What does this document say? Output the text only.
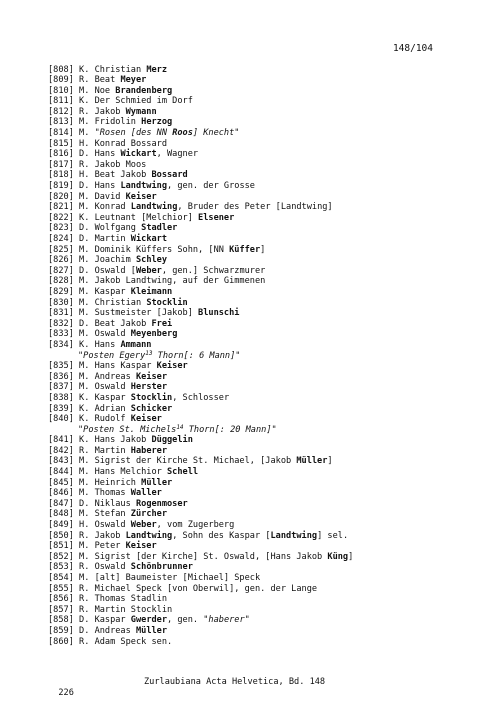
148/104
[808] K. Christian Merz
[809] R. Beat Meyer
[810] M. Noe Brandenberg
[811] K. Der Schmied im Dorf
[812] R. Jakob Wymann
[813] M. Fridolin Herzog
[814] M. "Rosen [des NN Roos] Knecht"
[815] H. Konrad Bossard
[816] D. Hans Wickart, Wagner
[817] R. Jakob Moos
[818] H. Beat Jakob Bossard
[819] D. Hans Landtwing, gen. der Grosse
[820] M. David Keiser
[821] M. Konrad Landtwing, Bruder des Peter [Landtwing]
[822] K. Leutnant [Melchior] Elsener
[823] D. Wolfgang Stadler
[824] D. Martin Wickart
[825] M. Dominik Küffers Sohn, [NN Küffer]
[826] M. Joachim Schley
[827] D. Oswald [Weber, gen.] Schwarzmurer
[828] M. Jakob Landtwing, auf der Gimmenen
[829] M. Kaspar Kleimann
[830] M. Christian Stocklin
[831] M. Sustmeister [Jakob] Blunschi
[832] D. Beat Jakob Frei
[833] M. Oswald Meyenberg
[834] K. Hans Ammann
"Posten Egery$^{13}$ Thorn[: 6 Mann]"
[835] M. Hans Kaspar Keiser
[836] M. Andreas Keiser
[837] M. Oswald Herster
[838] K. Kaspar Stocklin, Schlosser
[839] K. Adrian Schicker
[840] K. Rudolf Keiser
"Posten St. Michels$^{14}$ Thorn[: 20 Mann]"
[841] K. Hans Jakob Düggelin
[842] R. Martin Haberer
[843] M. Sigrist der Kirche St. Michael, [Jakob Müller]
[844] M. Hans Melchior Schell
[845] M. Heinrich Müller
[846] M. Thomas Waller
[847] D. Niklaus Rogenmoser
[848] M. Stefan Zürcher
[849] H. Oswald Weber, vom Zugerberg
[850] R. Jakob Landtwing, Sohn des Kaspar [Landtwing] sel.
[851] M. Peter Keiser
[852] M. Sigrist [der Kirche] St. Oswald, [Hans Jakob Küng]
[853] R. Oswald Schönbrunner
[854] M. [alt] Baumeister [Michael] Speck
[855] R. Michael Speck [von Oberwil], gen. der Lange
[856] R. Thomas Stadlin
[857] R. Martin Stocklin
[858] D. Kaspar Gwerder, gen. "haberer"
[859] D. Andreas Müller
[860] R. Adam Speck sen.

226

Zurlaubiana Acta Helvetica, Bd. 148
